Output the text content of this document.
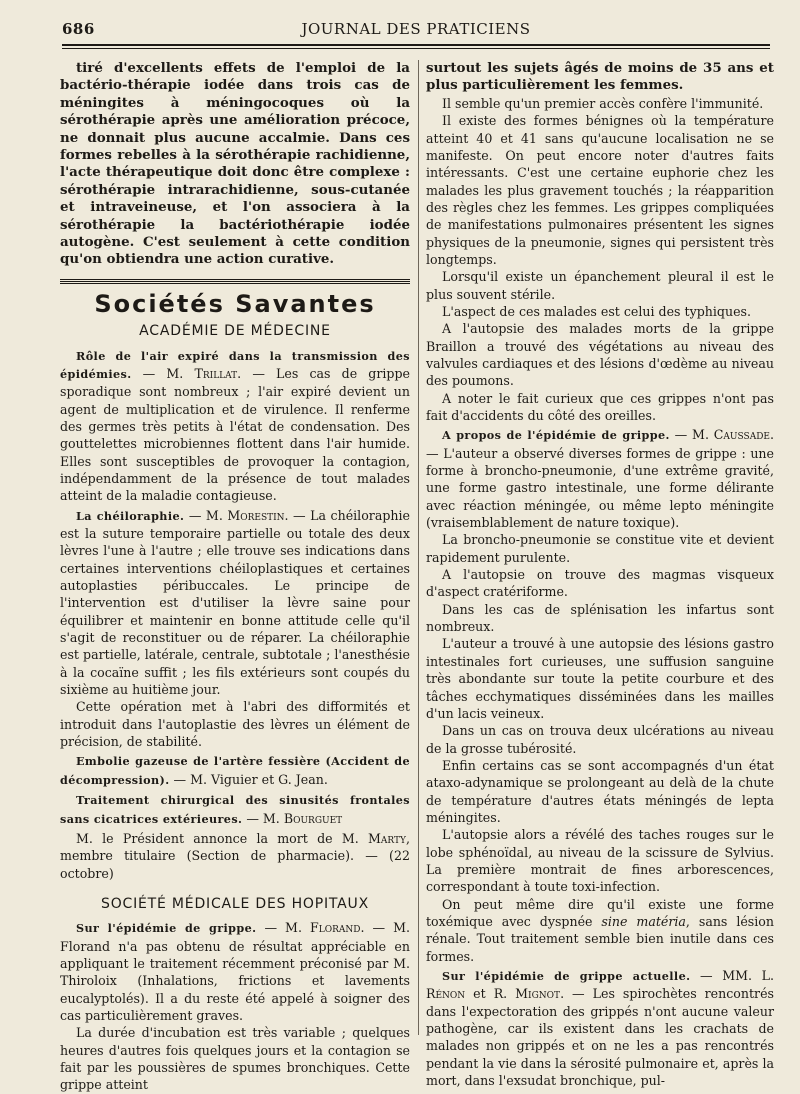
686	JOURNAL DES PRATICIENS

tiré d'excellents effets de l'emploi de la bactério-thérapie iodée dans trois cas de méningites à méningocoques où la sérothérapie après une amélioration précoce, ne donnait plus aucune accalmie. Dans ces formes rebelles à la sérothérapie rachidienne, l'acte thérapeutique doit donc être complexe : sérothérapie intrarachidienne, sous-cutanée et intraveineuse, et l'on associera à la sérothérapie la bactériothérapie iodée autogène. C'est seulement à cette condition qu'on obtiendra une action curative.

Sociétés Savantes
ACADÉMIE DE MÉDECINE

Rôle de l'air expiré dans la transmission des épidémies. — M. Trillat. — Les cas de grippe sporadique sont nombreux ; l'air expiré devient un agent de multiplication et de virulence. Il renferme des germes très petits à l'état de condensation. Des gouttelettes microbiennes flottent dans l'air humide. Elles sont susceptibles de provoquer la contagion, indépendamment de la présence de tout malades atteint de la maladie contagieuse.

La chéiloraphie. — M. Morestin. — La chéiloraphie est la suture temporaire partielle ou totale des deux lèvres l'une à l'autre ; elle trouve ses indications dans certaines interventions chéiloplastiques et certaines autoplasties péribuccales. Le principe de l'intervention est d'utiliser la lèvre saine pour équilibrer et maintenir en bonne attitude celle qu'il s'agit de reconstituer ou de réparer. La chéiloraphie est partielle, latérale, centrale, subtotale ; l'anesthésie à la cocaïne suffit ; les fils extérieurs sont coupés du sixième au huitième jour.

Cette opération met à l'abri des difformités et introduit dans l'autoplastie des lèvres un élément de précision, de stabilité.

Embolie gazeuse de l'artère fessière (Accident de décompression). — M. Viguier et G. Jean.

Traitement chirurgical des sinusités frontales sans cicatrices extérieures. — M. Bourguet

M. le Président annonce la mort de M. Marty, membre titulaire (Section de pharmacie). — (22 octobre)

SOCIÉTÉ MÉDICALE DES HOPITAUX

Sur l'épidémie de grippe. — M. Florand. — M. Florand n'a pas obtenu de résultat appréciable en appliquant le traitement récemment préconisé par M. Thiroloix (Inhalations, frictions et lavements eucalyptolés). Il a du reste été appelé à soigner des cas particulièrement graves.

La durée d'incubation est très variable ; quelques heures d'autres fois quelques jours et la contagion se fait par les poussières de spumes bronchiques. Cette grippe atteint

surtout les sujets âgés de moins de 35 ans et plus particulièrement les femmes.

Il semble qu'un premier accès confère l'immunité.

Il existe des formes bénignes où la température atteint 40 et 41 sans qu'aucune localisation ne se manifeste. On peut encore noter d'autres faits intéressants. C'est une certaine euphorie chez les malades les plus gravement touchés ; la réapparition des règles chez les femmes. Les grippes compliquées de manifestations pulmonaires présentent les signes physiques de la pneumonie, signes qui persistent très longtemps.

Lorsqu'il existe un épanchement pleural il est le plus souvent stérile.

L'aspect de ces malades est celui des typhiques.

A l'autopsie des malades morts de la grippe Braillon a trouvé des végétations au niveau des valvules cardiaques et des lésions d'œdème au niveau des poumons.

A noter le fait curieux que ces grippes n'ont pas fait d'accidents du côté des oreilles.

A propos de l'épidémie de grippe. — M. Caussade. — L'auteur a observé diverses formes de grippe : une forme à broncho-pneumonie, d'une extrême gravité, une forme gastro intestinale, une forme délirante avec réaction méningée, ou même lepto méningite (vraisemblablement de nature toxique).

La broncho-pneumonie se constitue vite et devient rapidement purulente.

A l'autopsie on trouve des magmas visqueux d'aspect cratériforme.

Dans les cas de splénisation les infartus sont nombreux.

L'auteur a trouvé à une autopsie des lésions gastro intestinales fort curieuses, une suffusion sanguine très abondante sur toute la petite courbure et des tâches ecchymatiques disséminées dans les mailles d'un lacis veineux.

Dans un cas on trouva deux ulcérations au niveau de la grosse tubérosité.

Enfin certains cas se sont accompagnés d'un état ataxo-adynamique se prolongeant au delà de la chute de température d'autres états méningés de lepta méningites.

L'autopsie alors a révélé des taches rouges sur le lobe sphénoïdal, au niveau de la scissure de Sylvius. La première montrait de fines arborescences, correspondant à toute toxi-infection.

On peut même dire qu'il existe une forme toxémique avec dyspnée sine matéria, sans lésion rénale. Tout traitement semble bien inutile dans ces formes.

Sur l'épidémie de grippe actuelle. — MM. L. Rénon et R. Mignot. — Les spirochètes rencontrés dans l'expectoration des grippés n'ont aucune valeur pathogène, car ils existent dans les crachats de malades non grippés et on ne les a pas rencontrés pendant la vie dans la sérosité pulmonaire et, après la mort, dans l'exsudat bronchique, pul-
